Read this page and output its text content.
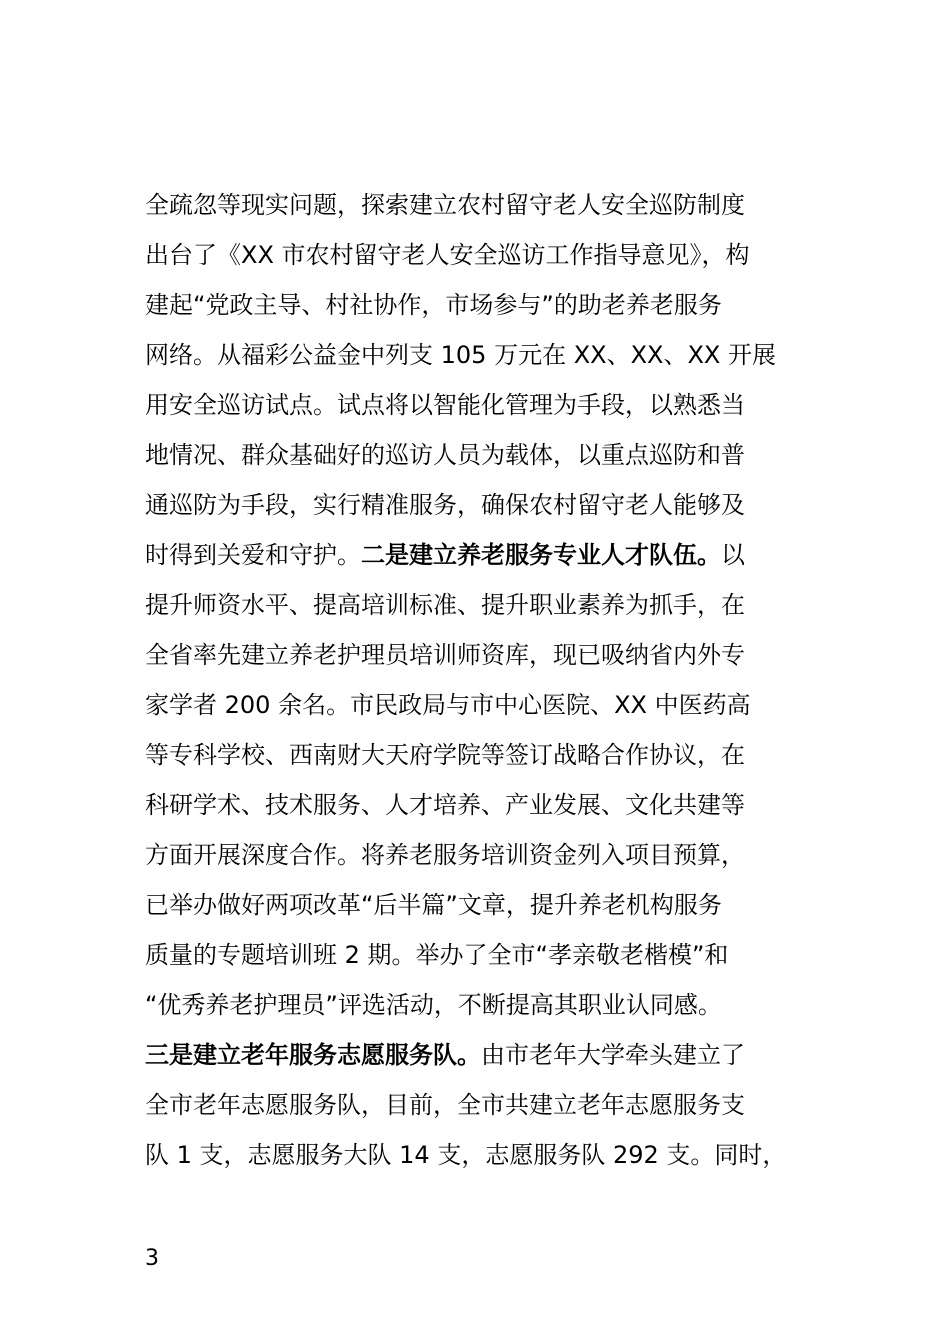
全疏忽等现实问题，探索建立农村留守老人安全巡防制度
出台了《XX 市农村留守老人安全巡访工作指导意见》，构
建起“党政主导、村社协作，市场参与”的助老养老服务
网络。从福彩公益金中列支 105 万元在 XX、XX、XX 开展
用安全巡访试点。试点将以智能化管理为手段，以熟悉当
地情况、群众基础好的巡访人员为载体，以重点巡防和普
通巡防为手段，实行精准服务，确保农村留守老人能够及
时得到关爱和守护。二是建立养老服务专业人才队伍。以
提升师资水平、提高培训标准、提升职业素养为抓手，在
全省率先建立养老护理员培训师资库，现已吸纳省内外专
家学者 200 余名。市民政局与市中心医院、XX 中医药高
等专科学校、西南财大天府学院等签订战略合作协议，在
科研学术、技术服务、人才培养、产业发展、文化共建等
方面开展深度合作。将养老服务培训资金列入项目预算，
已举办做好两项改革“后半篇”文章，提升养老机构服务
质量的专题培训班 2 期。举办了全市“孝亲敬老楷模”和
“优秀养老护理员”评选活动，不断提高其职业认同感。
三是建立老年服务志愿服务队。由市老年大学牵头建立了
全市老年志愿服务队，目前，全市共建立老年志愿服务支
队 1 支，志愿服务大队 14 支，志愿服务队 292 支。同时，
3
